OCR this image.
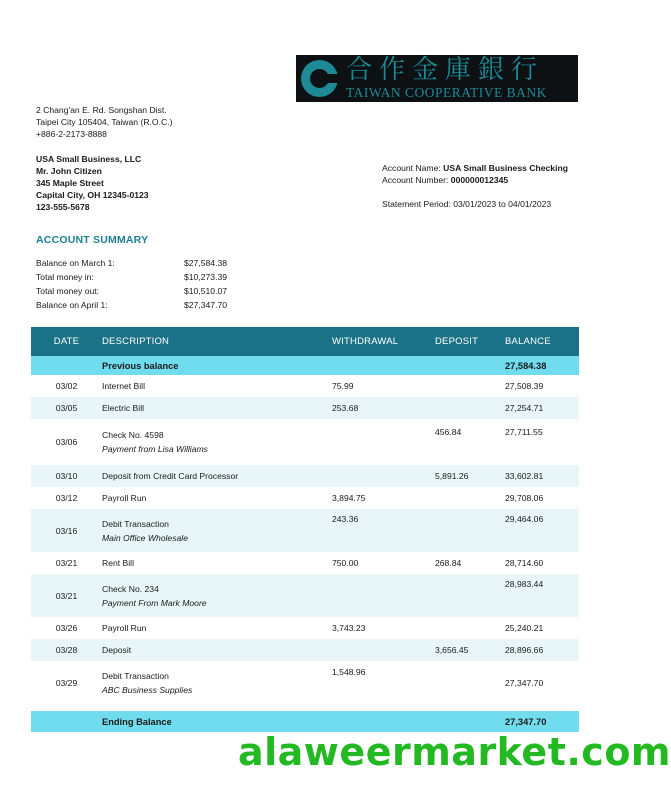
合作金庫銀行
TAIWAN COOPERATIVE BANK
2 Chang'an E. Rd. Songshan Dist.
Taipei City 105404, Taiwan (R.O.C.)
+886-2-2173-8888
USA Small Business, LLC
Mr. John Citizen
345 Maple Street
Capital City, OH 12345-0123
123-555-5678
Account Name: USA Small Business Checking
Account Number: 000000012345
Statement Period: 03/01/2023 to 04/01/2023
ACCOUNT SUMMARY
Balance on March 1:	$27,584.38
Total money in:	$10,273.39
Total money out:	$10,510.07
Balance on April 1:	$27,347.70
DATE	DESCRIPTION	WITHDRAWAL	DEPOSIT	BALANCE
	Previous balance			27,584.38
03/02	Internet Bill	75.99		27,508.39
03/05	Electric Bill	253.68		27,254.71
03/06	Check No. 4598
Payment from Lisa Williams		456.84	27,711.55
03/10	Deposit from Credit Card Processor		5,891.26	33,602.81
03/12	Payroll Run	3,894.75		29,708.06
03/16	Debit Transaction
Main Office Wholesale	243.36		29,464.06
03/21	Rent Bill	750.00	268.84	28,714.60
03/21	Check No. 234
Payment From Mark Moore			28,983.44
03/26	Payroll Run	3,743.23		25,240.21
03/28	Deposit		3,656.45	28,896.66
03/29	Debit Transaction
ABC Business Supplies	1,548.96		27,347.70

	Ending Balance			27,347.70
alaweermarket.com
